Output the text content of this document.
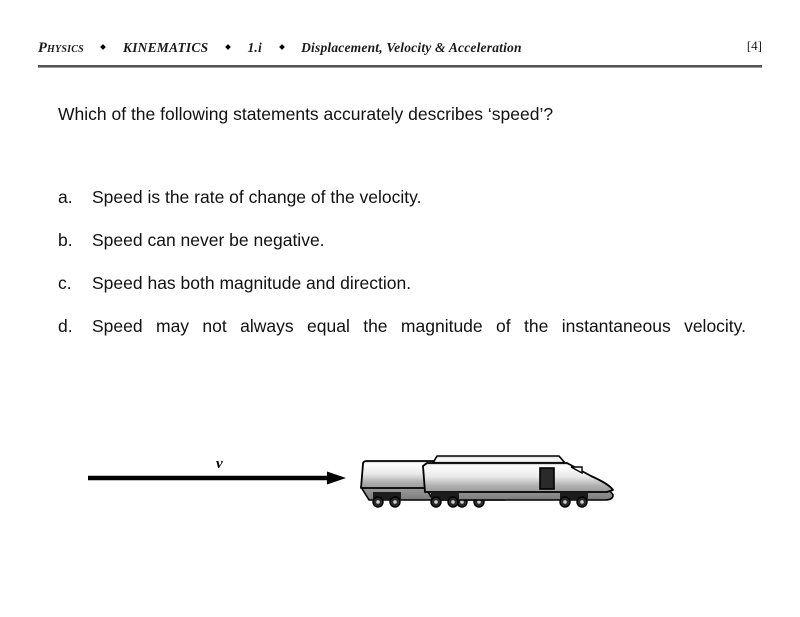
Physics	KINEMATICS	1.i	Displacement, Velocity & Acceleration	[4]
Which of the following statements accurately describes ‘speed’?
a.	Speed is the rate of change of the velocity.
b.	Speed can never be negative.
c.	Speed has both magnitude and direction.
d.	Speed may not always equal the magnitude of the instantaneous velocity.
v
